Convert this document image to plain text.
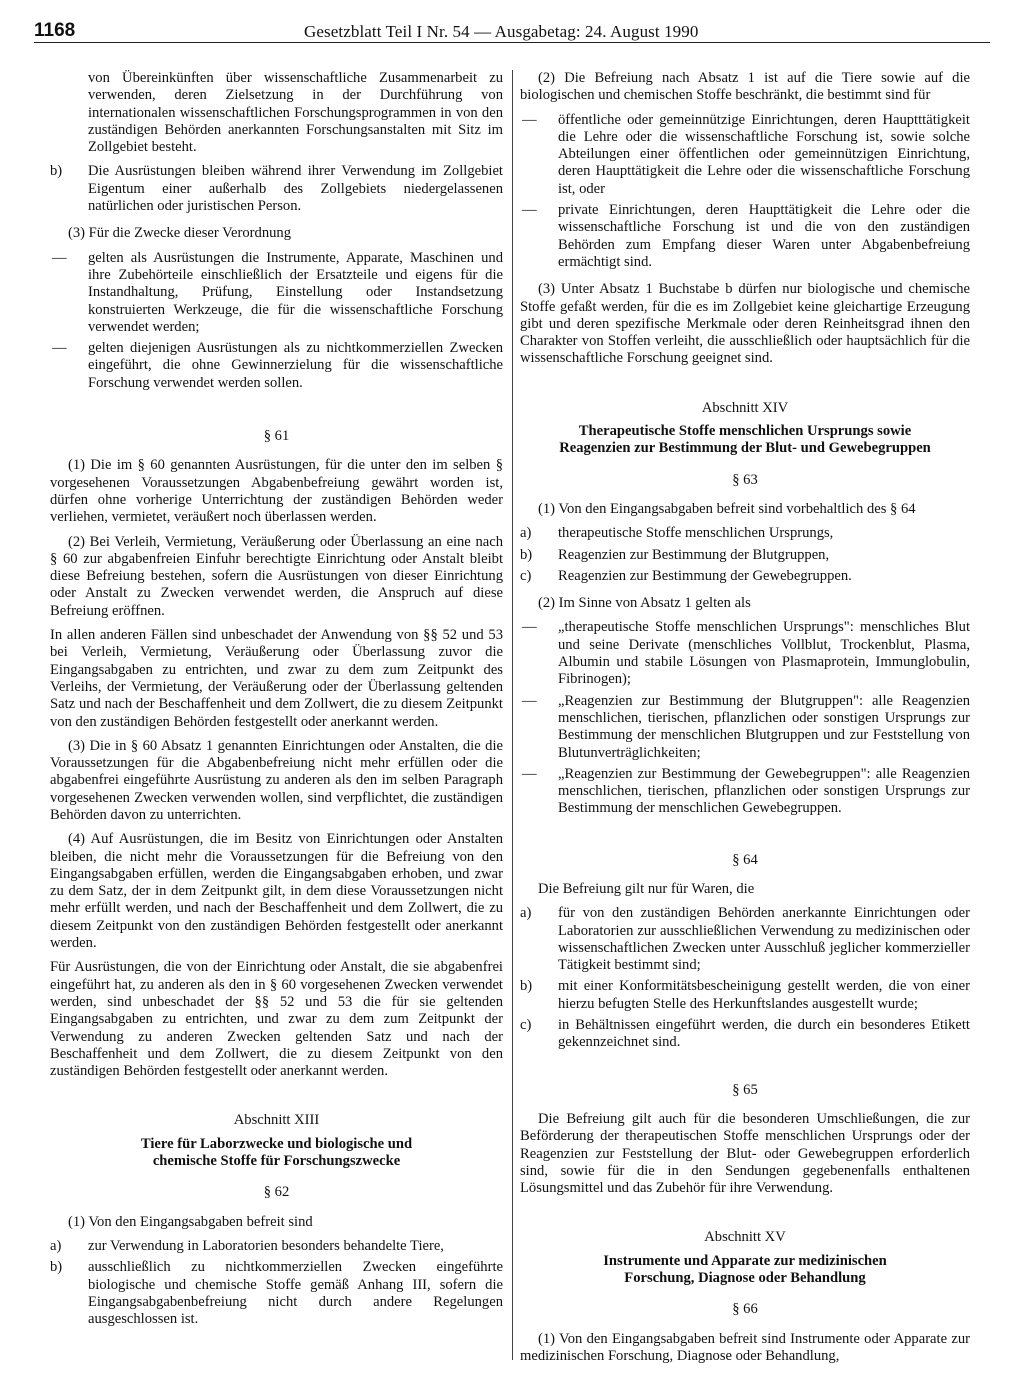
1168	Gesetzblatt Teil I Nr. 54 — Ausgabetag: 24. August 1990

von Übereinkünften über wissenschaftliche Zusammenarbeit zu verwenden, deren Zielsetzung in der Durchführung von internationalen wissenschaftlichen Forschungsprogrammen in von den zuständigen Behörden anerkannten Forschungsanstalten mit Sitz im Zollgebiet besteht.

b) Die Ausrüstungen bleiben während ihrer Verwendung im Zollgebiet Eigentum einer außerhalb des Zollgebiets niedergelassenen natürlichen oder juristischen Person.

(3) Für die Zwecke dieser Verordnung

— gelten als Ausrüstungen die Instrumente, Apparate, Maschinen und ihre Zubehörteile einschließlich der Ersatzteile und eigens für die Instandhaltung, Prüfung, Einstellung oder Instandsetzung konstruierten Werkzeuge, die für die wissenschaftliche Forschung verwendet werden;
— gelten diejenigen Ausrüstungen als zu nichtkommerziellen Zwecken eingeführt, die ohne Gewinnerzielung für die wissenschaftliche Forschung verwendet werden sollen.
§ 61

(1) Die im § 60 genannten Ausrüstungen, für die unter den im selben § vorgesehenen Voraussetzungen Abgabenbefreiung gewährt worden ist, dürfen ohne vorherige Unterrichtung der zuständigen Behörden weder verliehen, vermietet, veräußert noch überlassen werden.

(2) Bei Verleih, Vermietung, Veräußerung oder Überlassung an eine nach § 60 zur abgabenfreien Einfuhr berechtigte Einrichtung oder Anstalt bleibt diese Befreiung bestehen, sofern die Ausrüstungen von dieser Einrichtung oder Anstalt zu Zwecken verwendet werden, die Anspruch auf diese Befreiung eröffnen.

In allen anderen Fällen sind unbeschadet der Anwendung von §§ 52 und 53 bei Verleih, Vermietung, Veräußerung oder Überlassung zuvor die Eingangsabgaben zu entrichten, und zwar zu dem zum Zeitpunkt des Verleihs, der Vermietung, der Veräußerung oder der Überlassung geltenden Satz und nach der Beschaffenheit und dem Zollwert, die zu diesem Zeitpunkt von den zuständigen Behörden festgestellt oder anerkannt werden.

(3) Die in § 60 Absatz 1 genannten Einrichtungen oder Anstalten, die die Voraussetzungen für die Abgabenbefreiung nicht mehr erfüllen oder die abgabenfrei eingeführte Ausrüstung zu anderen als den im selben Paragraph vorgesehenen Zwecken verwenden wollen, sind verpflichtet, die zuständigen Behörden davon zu unterrichten.

(4) Auf Ausrüstungen, die im Besitz von Einrichtungen oder Anstalten bleiben, die nicht mehr die Voraussetzungen für die Befreiung von den Eingangsabgaben erfüllen, werden die Eingangsabgaben erhoben, und zwar zu dem Satz, der in dem Zeitpunkt gilt, in dem diese Voraussetzungen nicht mehr erfüllt werden, und nach der Beschaffenheit und dem Zollwert, die zu diesem Zeitpunkt von den zuständigen Behörden festgestellt oder anerkannt werden.

Für Ausrüstungen, die von der Einrichtung oder Anstalt, die sie abgabenfrei eingeführt hat, zu anderen als den in § 60 vorgesehenen Zwecken verwendet werden, sind unbeschadet der §§ 52 und 53 die für sie geltenden Eingangsabgaben zu entrichten, und zwar zu dem zum Zeitpunkt der Verwendung zu anderen Zwecken geltenden Satz und nach der Beschaffenheit und dem Zollwert, die zu diesem Zeitpunkt von den zuständigen Behörden festgestellt oder anerkannt werden.

Abschnitt XIII
Tiere für Laborzwecke und biologische und
chemische Stoffe für Forschungszwecke
§ 62

(1) Von den Eingangsabgaben befreit sind

a) zur Verwendung in Laboratorien besonders behandelte Tiere,
b) ausschließlich zu nichtkommerziellen Zwecken eingeführte biologische und chemische Stoffe gemäß Anhang III, sofern die Eingangsabgabenbefreiung nicht durch andere Regelungen ausgeschlossen ist.

(2) Die Befreiung nach Absatz 1 ist auf die Tiere sowie auf die biologischen und chemischen Stoffe beschränkt, die bestimmt sind für

— öffentliche oder gemeinnützige Einrichtungen, deren Hauptttätigkeit die Lehre oder die wissenschaftliche Forschung ist, sowie solche Abteilungen einer öffentlichen oder gemeinnützigen Einrichtung, deren Haupttätigkeit die Lehre oder die wissenschaftliche Forschung ist, oder
— private Einrichtungen, deren Haupttätigkeit die Lehre oder die wissenschaftliche Forschung ist und die von den zuständigen Behörden zum Empfang dieser Waren unter Abgabenbefreiung ermächtigt sind.

(3) Unter Absatz 1 Buchstabe b dürfen nur biologische und chemische Stoffe gefaßt werden, für die es im Zollgebiet keine gleichartige Erzeugung gibt und deren spezifische Merkmale oder deren Reinheitsgrad ihnen den Charakter von Stoffen verleiht, die ausschließlich oder hauptsächlich für die wissenschaftliche Forschung geeignet sind.

Abschnitt XIV
Therapeutische Stoffe menschlichen Ursprungs sowie
Reagenzien zur Bestimmung der Blut- und Gewebegruppen
§ 63

(1) Von den Eingangsabgaben befreit sind vorbehaltlich des § 64

a) therapeutische Stoffe menschlichen Ursprungs,
b) Reagenzien zur Bestimmung der Blutgruppen,
c) Reagenzien zur Bestimmung der Gewebegruppen.

(2) Im Sinne von Absatz 1 gelten als

— „therapeutische Stoffe menschlichen Ursprungs": menschliches Blut und seine Derivate (menschliches Vollblut, Trockenblut, Plasma, Albumin und stabile Lösungen von Plasmaprotein, Immunglobulin, Fibrinogen);
— „Reagenzien zur Bestimmung der Blutgruppen": alle Reagenzien menschlichen, tierischen, pflanzlichen oder sonstigen Ursprungs zur Bestimmung der menschlichen Blutgruppen und zur Feststellung von Blutunverträglichkeiten;
— „Reagenzien zur Bestimmung der Gewebegruppen": alle Reagenzien menschlichen, tierischen, pflanzlichen oder sonstigen Ursprungs zur Bestimmung der menschlichen Gewebegruppen.
§ 64

Die Befreiung gilt nur für Waren, die

a) für von den zuständigen Behörden anerkannte Einrichtungen oder Laboratorien zur ausschließlichen Verwendung zu medizinischen oder wissenschaftlichen Zwecken unter Ausschluß jeglicher kommerzieller Tätigkeit bestimmt sind;
b) mit einer Konformitätsbescheinigung gestellt werden, die von einer hierzu befugten Stelle des Herkunftslandes ausgestellt wurde;
c) in Behältnissen eingeführt werden, die durch ein besonderes Etikett gekennzeichnet sind.
§ 65

Die Befreiung gilt auch für die besonderen Umschließungen, die zur Beförderung der therapeutischen Stoffe menschlichen Ursprungs oder der Reagenzien zur Feststellung der Blut- oder Gewebegruppen erforderlich sind, sowie für die in den Sendungen gegebenenfalls enthaltenen Lösungsmittel und das Zubehör für ihre Verwendung.

Abschnitt XV
Instrumente und Apparate zur medizinischen
Forschung, Diagnose oder Behandlung
§ 66

(1) Von den Eingangsabgaben befreit sind Instrumente oder Apparate zur medizinischen Forschung, Diagnose oder Behandlung,
